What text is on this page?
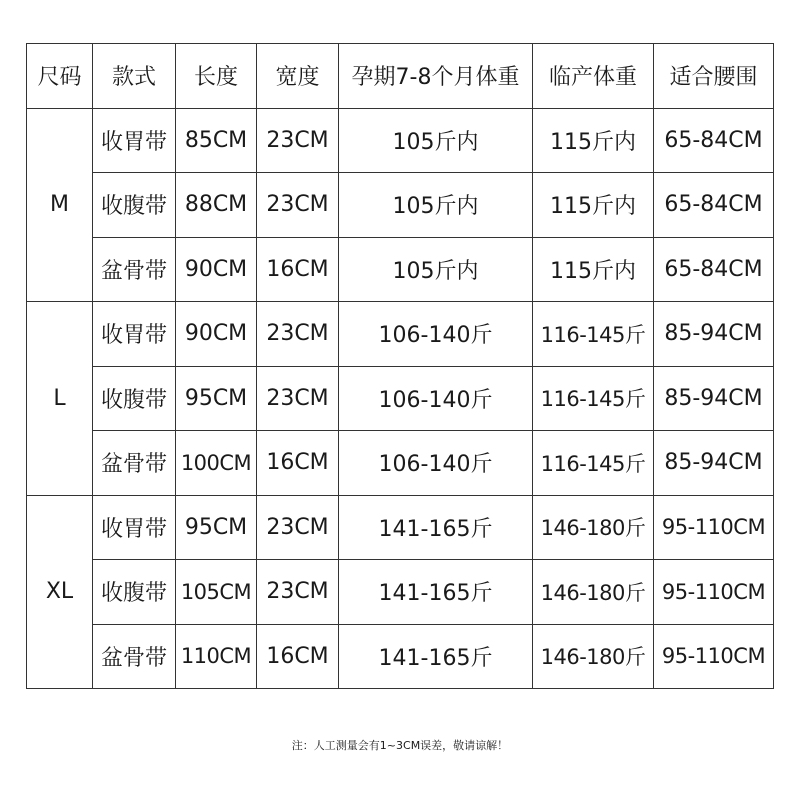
尺码	款式	长度	宽度	孕期7-8个月体重	临产体重	适合腰围
M	收胃带	85CM	23CM	105斤内	115斤内	65-84CM
	收腹带	88CM	23CM	105斤内	115斤内	65-84CM
	盆骨带	90CM	16CM	105斤内	115斤内	65-84CM
L	收胃带	90CM	23CM	106-140斤	116-145斤	85-94CM
	收腹带	95CM	23CM	106-140斤	116-145斤	85-94CM
	盆骨带	100CM	16CM	106-140斤	116-145斤	85-94CM
XL	收胃带	95CM	23CM	141-165斤	146-180斤	95-110CM
	收腹带	105CM	23CM	141-165斤	146-180斤	95-110CM
	盆骨带	110CM	16CM	141-165斤	146-180斤	95-110CM
注：人工测量会有1~3CM误差，敬请谅解！
